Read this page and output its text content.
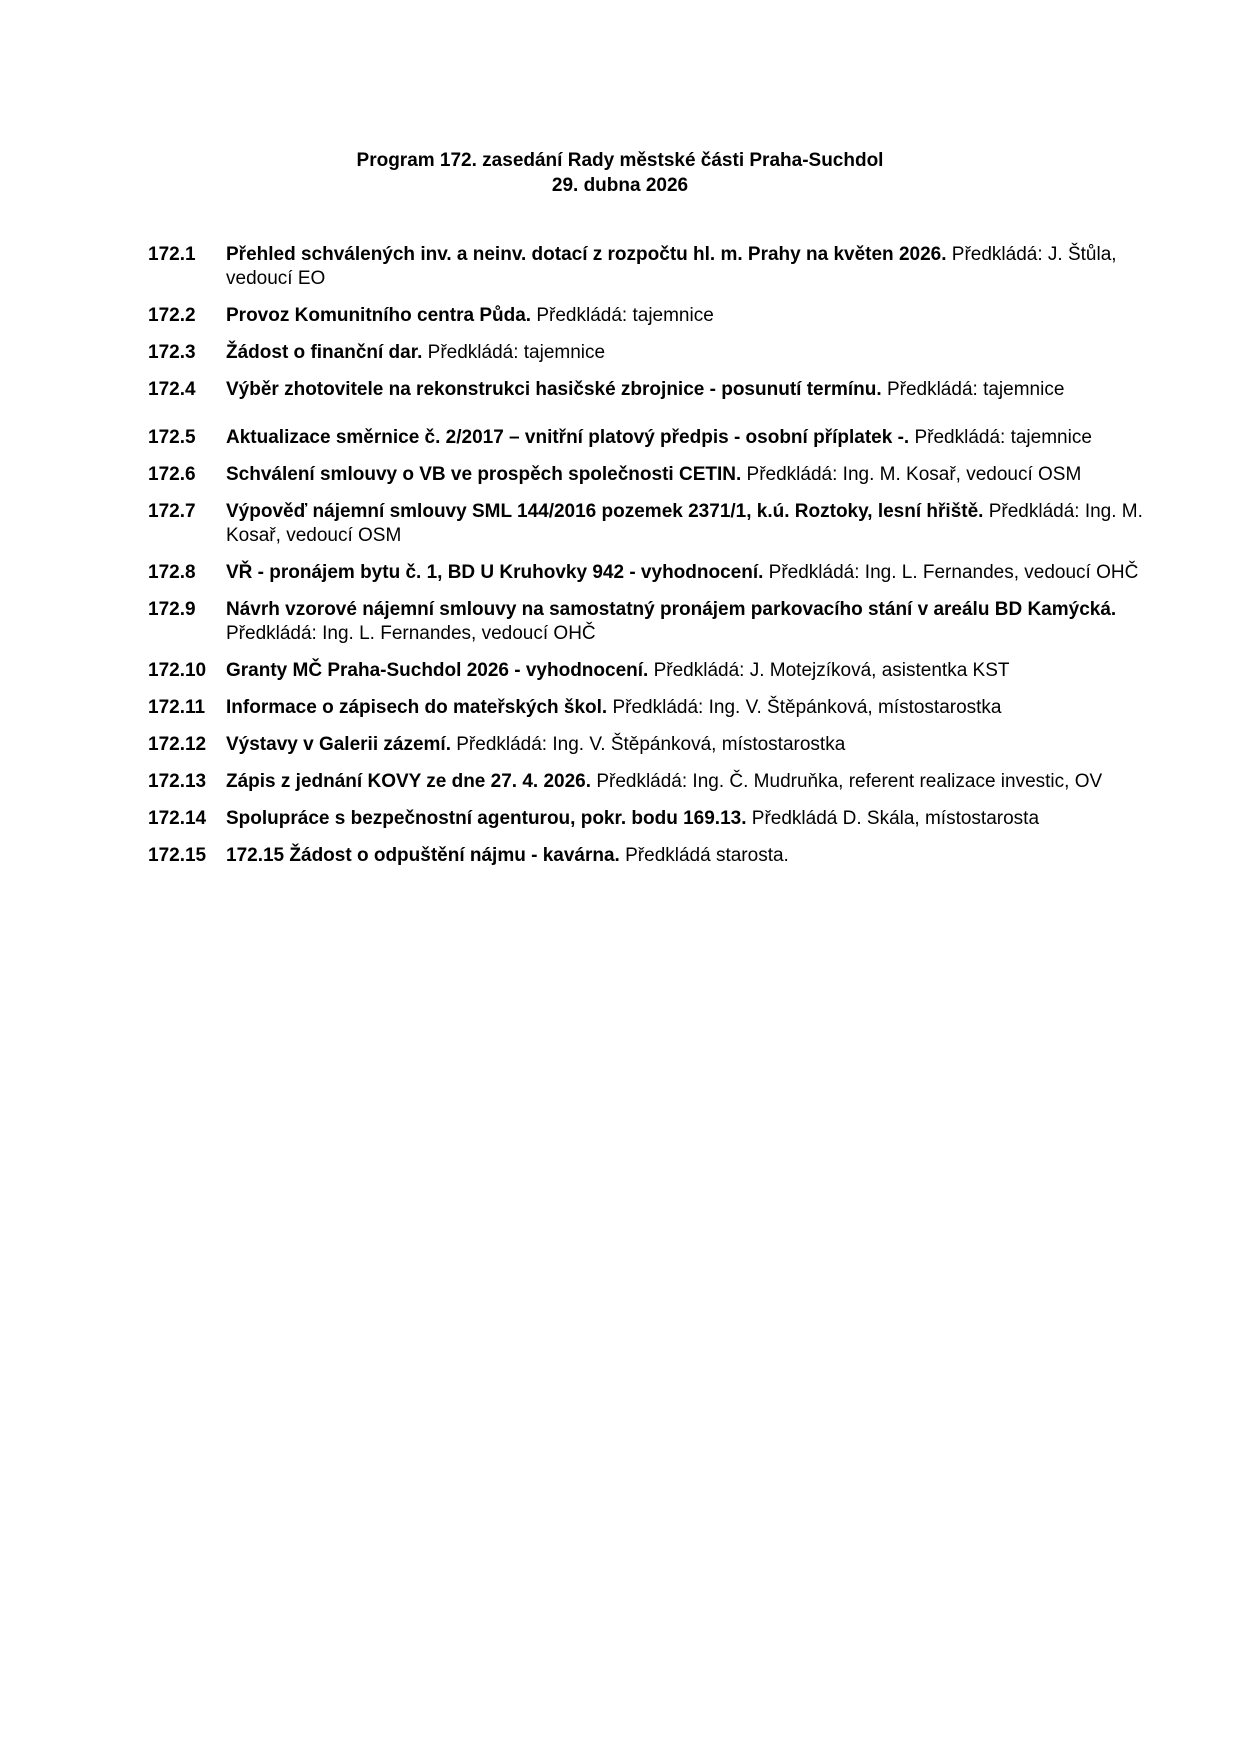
Program 172. zasedání Rady městské části Praha-Suchdol
29. dubna 2026
172.1	Přehled schválených inv. a neinv. dotací z rozpočtu hl. m. Prahy na květen 2026. Předkládá: J. Štůla, vedoucí EO
172.2	Provoz Komunitního centra Půda. Předkládá: tajemnice
172.3	Žádost o finanční dar. Předkládá: tajemnice
172.4	Výběr zhotovitele na rekonstrukci hasičské zbrojnice - posunutí termínu. Předkládá: tajemnice
172.5	Aktualizace směrnice č. 2/2017 – vnitřní platový předpis - osobní příplatek -. Předkládá: tajemnice
172.6	Schválení smlouvy o VB ve prospěch společnosti CETIN. Předkládá: Ing. M. Kosař, vedoucí OSM
172.7	Výpověď nájemní smlouvy SML 144/2016 pozemek 2371/1, k.ú. Roztoky, lesní hřiště. Předkládá: Ing. M. Kosař, vedoucí OSM
172.8	VŘ - pronájem bytu č. 1, BD U Kruhovky 942 - vyhodnocení. Předkládá: Ing. L. Fernandes, vedoucí OHČ
172.9	Návrh vzorové nájemní smlouvy na samostatný pronájem parkovacího stání v areálu BD Kamýcká. Předkládá: Ing. L. Fernandes, vedoucí OHČ
172.10	Granty MČ Praha-Suchdol 2026 - vyhodnocení. Předkládá: J. Motejzíková, asistentka KST
172.11	Informace o zápisech do mateřských škol. Předkládá: Ing. V. Štěpánková, místostarostka
172.12	Výstavy v Galerii zázemí. Předkládá: Ing. V. Štěpánková, místostarostka
172.13	Zápis z jednání KOVY ze dne 27. 4. 2026. Předkládá: Ing. Č. Mudruňka, referent realizace investic, OV
172.14	Spolupráce s bezpečnostní agenturou, pokr. bodu 169.13. Předkládá D. Skála, místostarosta
172.15	172.15 Žádost o odpuštění nájmu - kavárna. Předkládá starosta.
